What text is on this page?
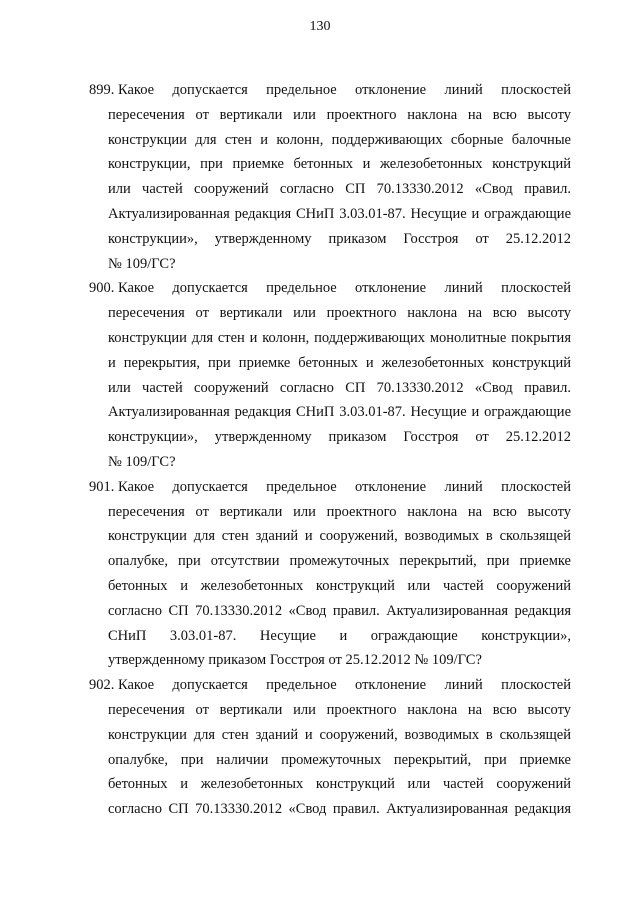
130
899. Какое допускается предельное отклонение линий плоскостей
пересечения от вертикали или проектного наклона на всю высоту
конструкции для стен и колонн, поддерживающих сборные балочные
конструкции, при приемке бетонных и железобетонных конструкций
или частей сооружений согласно СП 70.13330.2012 «Свод правил.
Актуализированная редакция СНиП 3.03.01-87. Несущие и ограждающие
конструкции», утвержденному приказом Госстроя от 25.12.2012
№ 109/ГС?
900. Какое допускается предельное отклонение линий плоскостей
пересечения от вертикали или проектного наклона на всю высоту
конструкции для стен и колонн, поддерживающих монолитные покрытия
и перекрытия, при приемке бетонных и железобетонных конструкций
или частей сооружений согласно СП 70.13330.2012 «Свод правил.
Актуализированная редакция СНиП 3.03.01-87. Несущие и ограждающие
конструкции», утвержденному приказом Госстроя от 25.12.2012
№ 109/ГС?
901. Какое допускается предельное отклонение линий плоскостей
пересечения от вертикали или проектного наклона на всю высоту
конструкции для стен зданий и сооружений, возводимых в скользящей
опалубке, при отсутствии промежуточных перекрытий, при приемке
бетонных и железобетонных конструкций или частей сооружений
согласно СП 70.13330.2012 «Свод правил. Актуализированная редакция
СНиП 3.03.01-87. Несущие и ограждающие конструкции»,
утвержденному приказом Госстроя от 25.12.2012 № 109/ГС?
902. Какое допускается предельное отклонение линий плоскостей
пересечения от вертикали или проектного наклона на всю высоту
конструкции для стен зданий и сооружений, возводимых в скользящей
опалубке, при наличии промежуточных перекрытий, при приемке
бетонных и железобетонных конструкций или частей сооружений
согласно СП 70.13330.2012 «Свод правил. Актуализированная редакция
